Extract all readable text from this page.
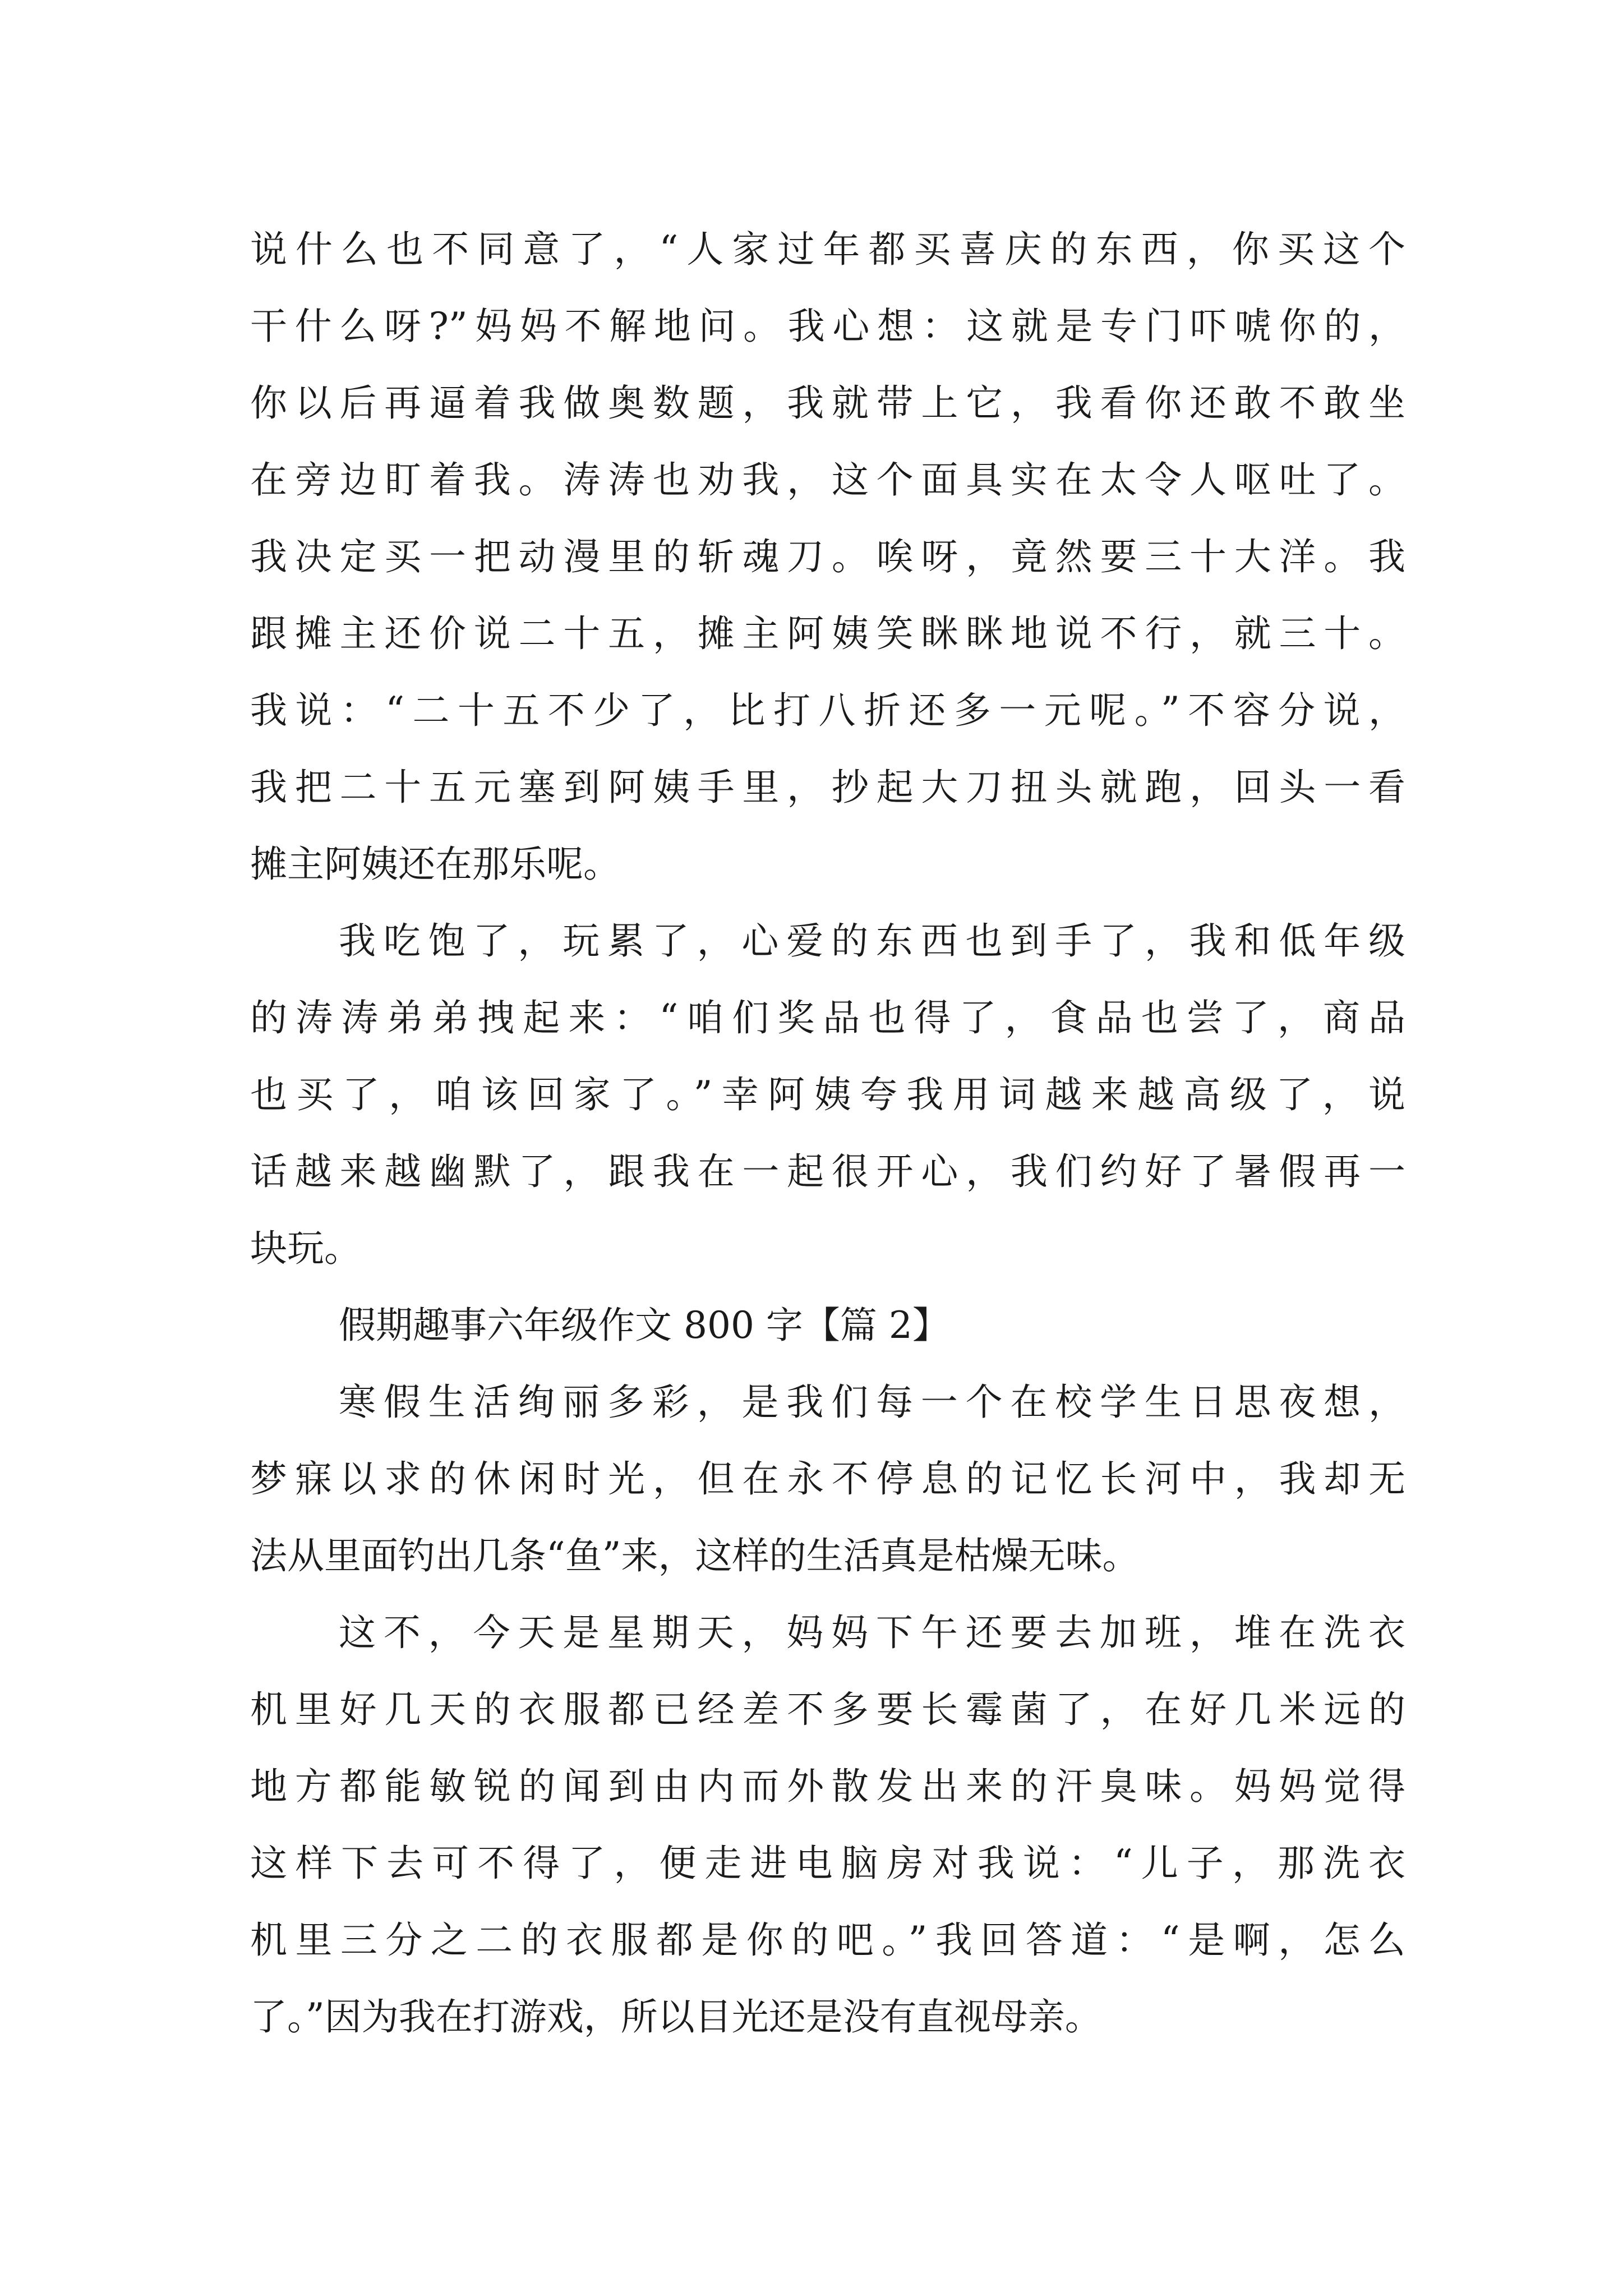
说什么也不同意了，“人家过年都买喜庆的东西，你买这个
干什么呀?”妈妈不解地问。我心想：这就是专门吓唬你的，
你以后再逼着我做奥数题，我就带上它，我看你还敢不敢坐
在旁边盯着我。涛涛也劝我，这个面具实在太令人呕吐了。
我决定买一把动漫里的斩魂刀。唉呀，竟然要三十大洋。我
跟摊主还价说二十五，摊主阿姨笑眯眯地说不行，就三十。
我说：“二十五不少了，比打八折还多一元呢。”不容分说，
我把二十五元塞到阿姨手里，抄起大刀扭头就跑，回头一看
摊主阿姨还在那乐呢。
我吃饱了，玩累了，心爱的东西也到手了，我和低年级
的涛涛弟弟拽起来：“咱们奖品也得了，食品也尝了，商品
也买了，咱该回家了。”幸阿姨夸我用词越来越高级了，说
话越来越幽默了，跟我在一起很开心，我们约好了暑假再一
块玩。
假期趣事六年级作文 800 字【篇 2】
寒假生活绚丽多彩，是我们每一个在校学生日思夜想，
梦寐以求的休闲时光，但在永不停息的记忆长河中，我却无
法从里面钓出几条“鱼”来，这样的生活真是枯燥无味。
这不，今天是星期天，妈妈下午还要去加班，堆在洗衣
机里好几天的衣服都已经差不多要长霉菌了，在好几米远的
地方都能敏锐的闻到由内而外散发出来的汗臭味。妈妈觉得
这样下去可不得了，便走进电脑房对我说：“儿子，那洗衣
机里三分之二的衣服都是你的吧。”我回答道：“是啊，怎么
了。”因为我在打游戏，所以目光还是没有直视母亲。
